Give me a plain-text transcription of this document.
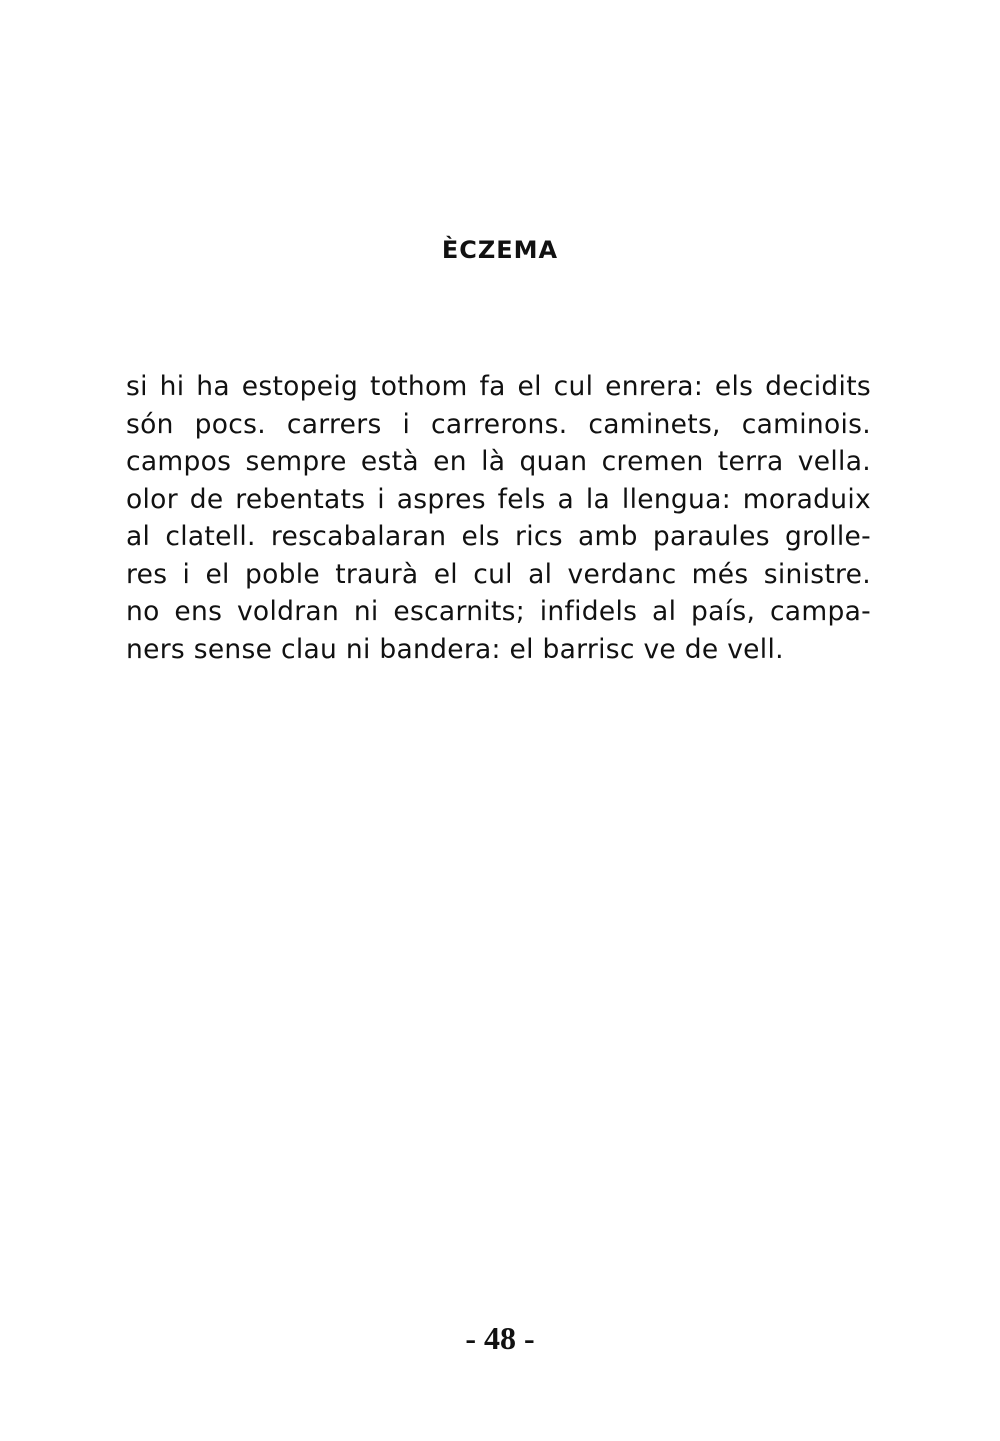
ÈCZEMA
si hi ha estopeig tothom fa el cul enrera: els decidits
són pocs. carrers i carrerons. caminets, caminois.
campos sempre està en là quan cremen terra vella.
olor de rebentats i aspres fels a la llengua: moraduix
al clatell. rescabalaran els rics amb paraules grolle-
res i el poble traurà el cul al verdanc més sinistre.
no ens voldran ni escarnits; infidels al país, campa-
ners sense clau ni bandera: el barrisc ve de vell.
- 48 -
